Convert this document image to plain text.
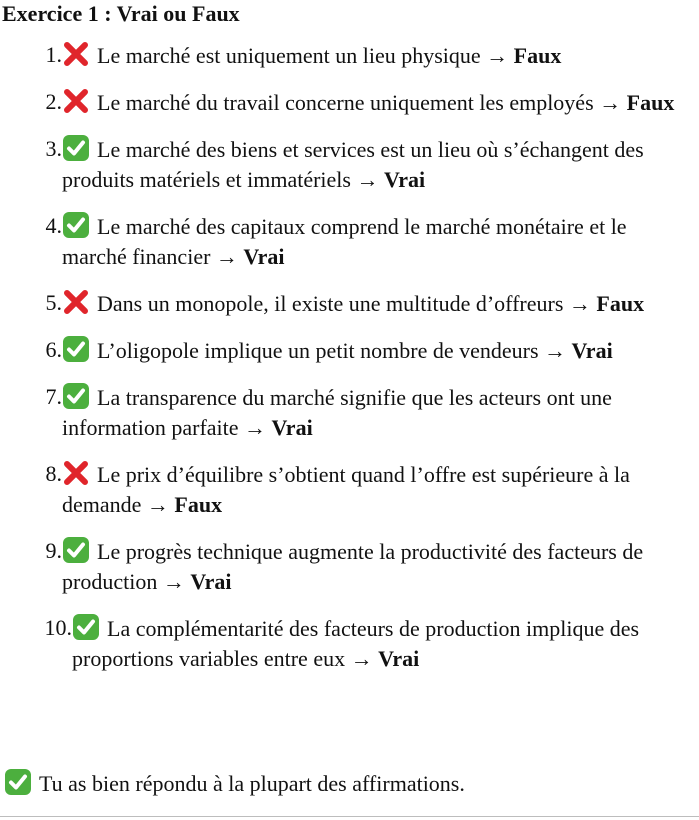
Exercice 1 : Vrai ou Faux
1.	Le marché est uniquement un lieu physique → Faux
2.	Le marché du travail concerne uniquement les employés → Faux
3.	Le marché des biens et services est un lieu où s’échangent des produits matériels et immatériels → Vrai
4.	Le marché des capitaux comprend le marché monétaire et le marché financier → Vrai
5.	Dans un monopole, il existe une multitude d’offreurs → Faux
6.	L’oligopole implique un petit nombre de vendeurs → Vrai
7.	La transparence du marché signifie que les acteurs ont une information parfaite → Vrai
8.	Le prix d’équilibre s’obtient quand l’offre est supérieure à la demande → Faux
9.	Le progrès technique augmente la productivité des facteurs de production → Vrai
10.	La complémentarité des facteurs de production implique des proportions variables entre eux → Vrai
Tu as bien répondu à la plupart des affirmations.
